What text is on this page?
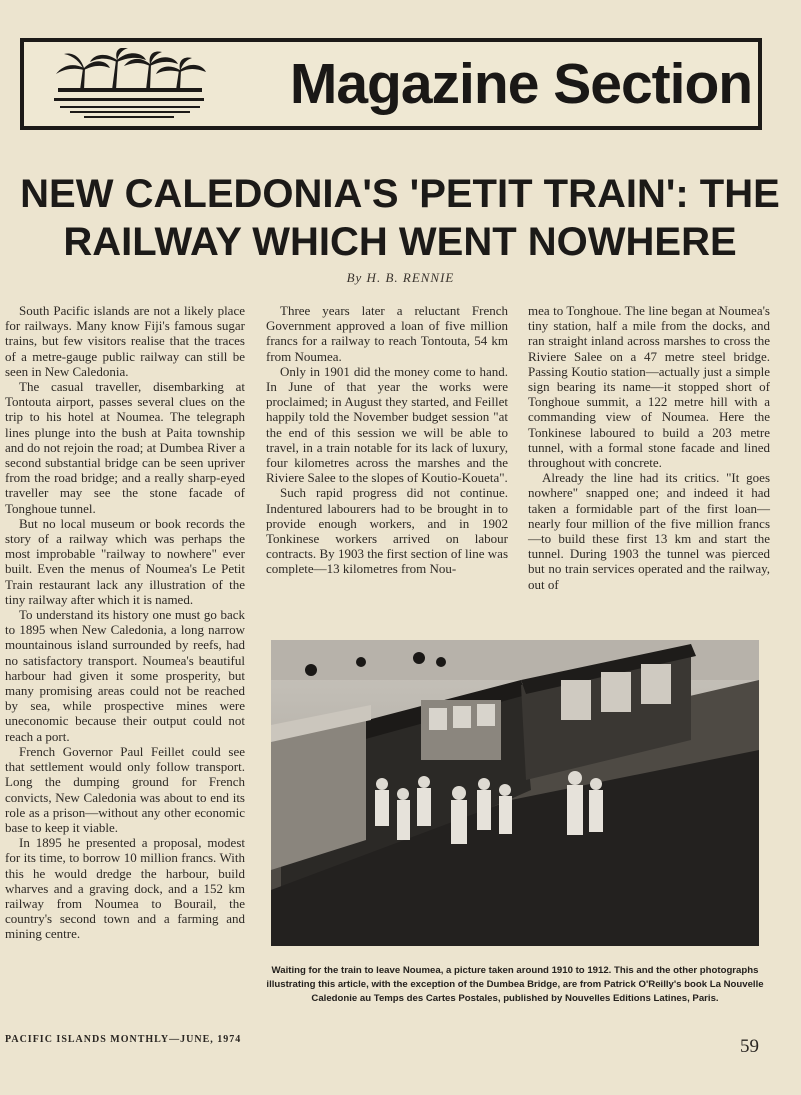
Magazine Section
NEW CALEDONIA'S 'PETIT TRAIN': THE
RAILWAY WHICH WENT NOWHERE
By H. B. RENNIE

South Pacific islands are not a likely place for railways. Many know Fiji's famous sugar trains, but few visitors realise that the traces of a metre-gauge public railway can still be seen in New Caledonia.

The casual traveller, disembarking at Tontouta airport, passes several clues on the trip to his hotel at Noumea. The telegraph lines plunge into the bush at Paita township and do not rejoin the road; at Dumbea River a second substantial bridge can be seen upriver from the road bridge; and a really sharp-eyed traveller may see the stone facade of Tonghoue tunnel.

But no local museum or book records the story of a railway which was perhaps the most improbable "railway to nowhere" ever built. Even the menus of Noumea's Le Petit Train restaurant lack any illustration of the tiny railway after which it is named.

To understand its history one must go back to 1895 when New Caledonia, a long narrow mountainous island surrounded by reefs, had no satisfactory transport. Noumea's beautiful harbour had given it some prosperity, but many promising areas could not be reached by sea, while prospective mines were uneconomic because their output could not reach a port.

French Governor Paul Feillet could see that settlement would only follow transport. Long the dumping ground for French convicts, New Caledonia was about to end its role as a prison—without any other economic base to keep it viable.

In 1895 he presented a proposal, modest for its time, to borrow 10 million francs. With this he would dredge the harbour, build wharves and a graving dock, and a 152 km railway from Noumea to Bourail, the country's second town and a farming and mining centre.

Three years later a reluctant French Government approved a loan of five million francs for a railway to reach Tontouta, 54 km from Noumea.

Only in 1901 did the money come to hand. In June of that year the works were proclaimed; in August they started, and Feillet happily told the November budget session "at the end of this session we will be able to travel, in a train notable for its lack of luxury, four kilometres across the marshes and the Riviere Salee to the slopes of Koutio-Koueta".

Such rapid progress did not continue. Indentured labourers had to be brought in to provide enough workers, and in 1902 Tonkinese workers arrived on labour contracts. By 1903 the first section of line was complete—13 kilometres from Nou-

mea to Tonghoue. The line began at Noumea's tiny station, half a mile from the docks, and ran straight inland across marshes to cross the Riviere Salee on a 47 metre steel bridge. Passing Koutio station—actually just a simple sign bearing its name—it stopped short of Tonghoue summit, a 122 metre hill with a commanding view of Noumea. Here the Tonkinese laboured to build a 203 metre tunnel, with a formal stone facade and lined throughout with concrete.

Already the line had its critics. "It goes nowhere" snapped one; and indeed it had taken a formidable part of the first loan—nearly four million of the five million francs—to build these first 13 km and start the tunnel. During 1903 the tunnel was pierced but no train services operated and the railway, out of

Waiting for the train to leave Noumea, a picture taken around 1910 to 1912. This and the other photographs illustrating this article, with the exception of the Dumbea Bridge, are from Patrick O'Reilly's book La Nouvelle Caledonie au Temps des Cartes Postales, published by Nouvelles Editions Latines, Paris.
PACIFIC ISLANDS MONTHLY—JUNE, 1974	59
